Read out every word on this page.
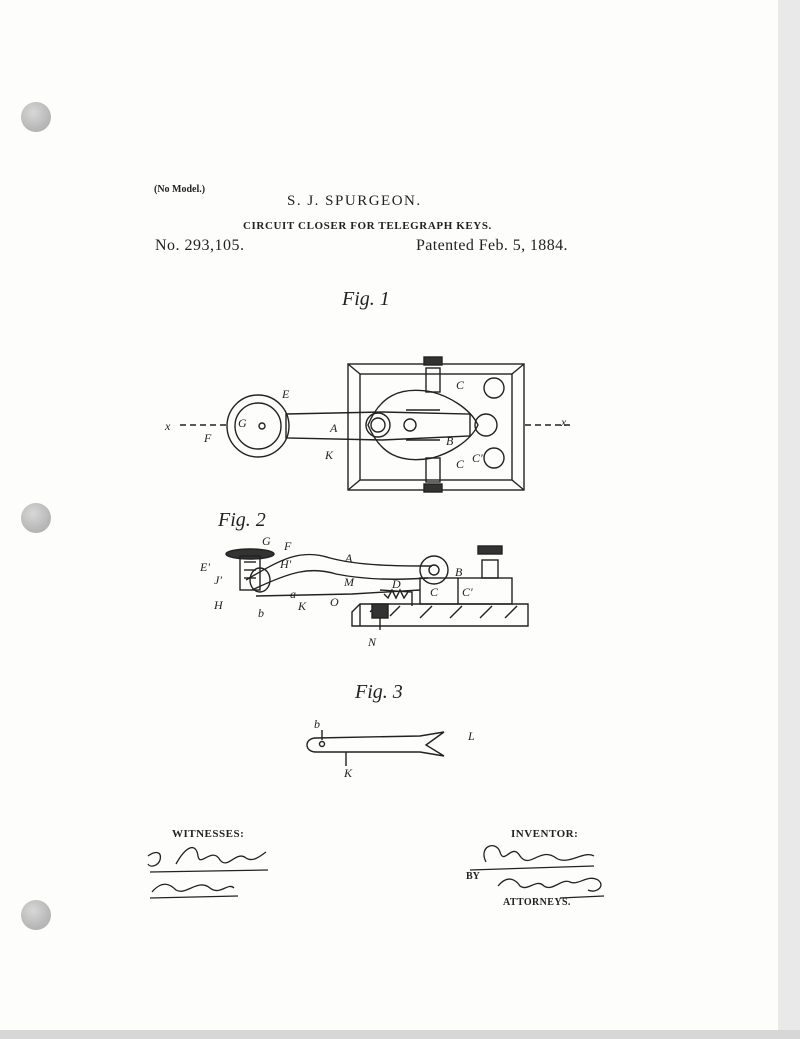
(No Model.)
S. J. SPURGEON.
CIRCUIT CLOSER FOR TELEGRAPH KEYS.
No. 293,105.	Patented Feb. 5, 1884.
Fig. 1
Fig. 2
Fig. 3
x	x
E
G
F
A
K
B
C
C C'
G F
E'	H'	A
J'	M	D
B
H
b
a
K O
C C'
N
b
L
K
WITNESSES:	INVENTOR:
BY
ATTORNEYS.
